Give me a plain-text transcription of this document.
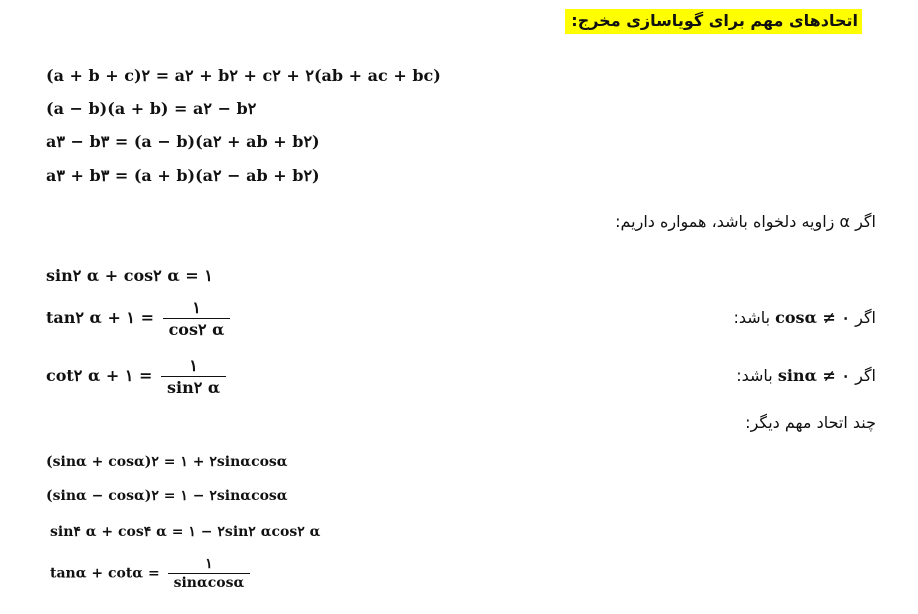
اتحادهای مهم برای گویاسازی مخرج:
(a + b + c)۲ = a۲ + b۲ + c۲ + ۲(ab + ac + bc)
(a − b)(a + b) = a۲ − b۲
a۳ − b۳ = (a − b)(a۲ + ab + b۲)
a۳ + b۳ = (a + b)(a۲ − ab + b۲)
اگر α زاویه دلخواه باشد، همواره داریم:
sin۲ α + cos۲ α = ۱
tan۲ α + ۱ = $\frac{۱}{\cos ۲ \alpha}$	باشد: cosα ≠ ۰ اگر
cot۲ α + ۱ = $\frac{۱}{\sin ۲ \alpha}$	باشد: sinα ≠ ۰ اگر
چند اتحاد مهم دیگر:
(sinα + cosα)۲ = ۱ + ۲sinαcosα
(sinα − cosα)۲ = ۱ − ۲sinαcosα
sin۴ α + cos۴ α = ۱ − ۲sin۲ αcos۲ α
$\tan\alpha + \cot\alpha = \frac{۱}{\sin\alpha\cos\alpha}$
